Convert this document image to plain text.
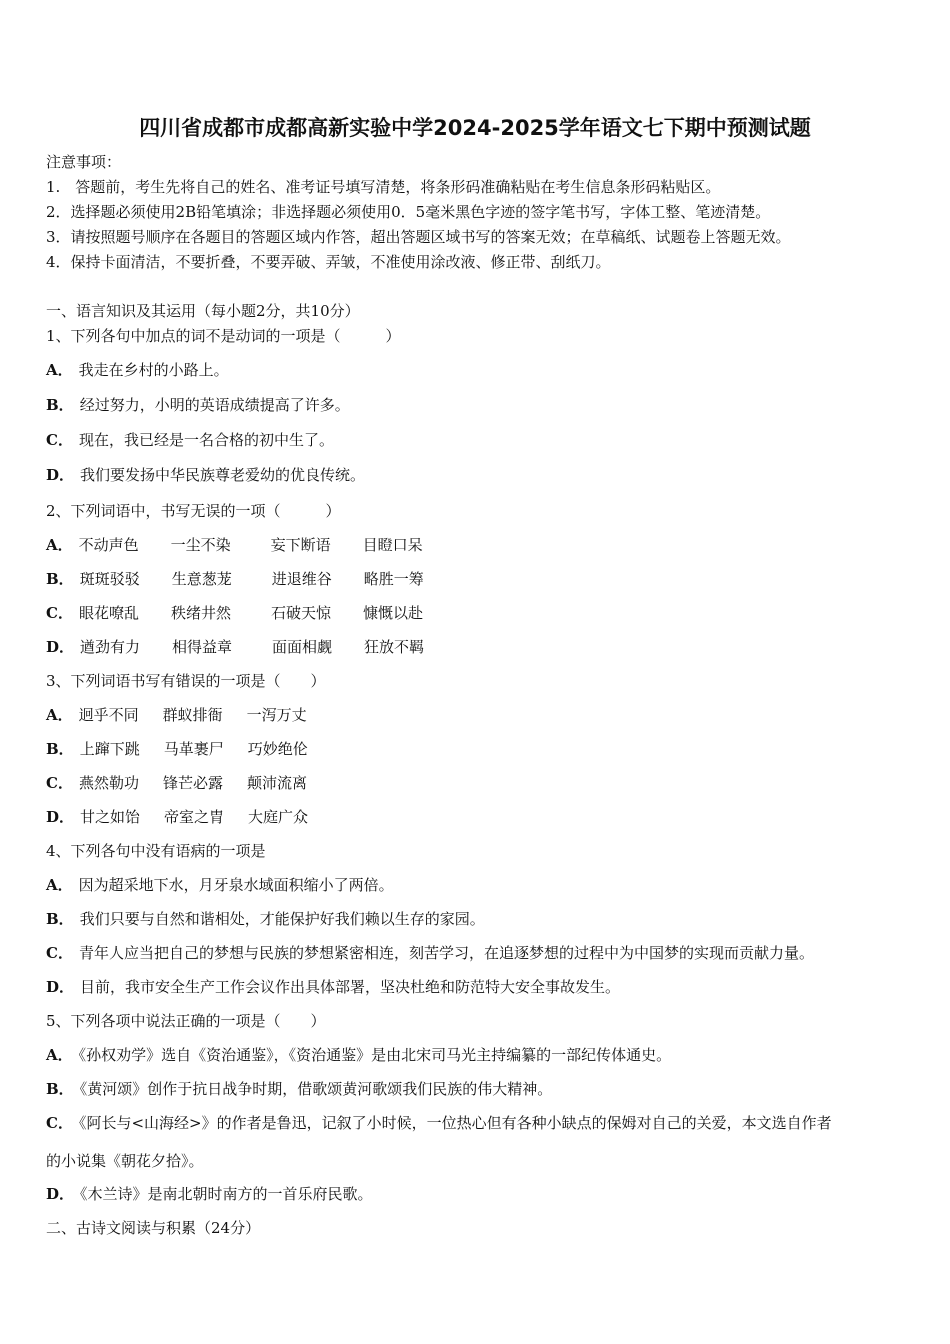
四川省成都市成都高新实验中学2024-2025学年语文七下期中预测试题
注意事项：
1.　答题前，考生先将自己的姓名、准考证号填写清楚，将条形码准确粘贴在考生信息条形码粘贴区。
2．选择题必须使用2B铅笔填涂；非选择题必须使用0．5毫米黑色字迹的签字笔书写，字体工整、笔迹清楚。
3．请按照题号顺序在各题目的答题区域内作答，超出答题区域书写的答案无效；在草稿纸、试题卷上答题无效。
4．保持卡面清洁，不要折叠，不要弄破、弄皱，不准使用涂改液、修正带、刮纸刀。
一、语言知识及其运用（每小题2分，共10分）
1、下列各句中加点的词不是动词的一项是（　　　）
A． 我走在乡村的小路上。
B． 经过努力，小明的英语成绩提高了许多。
C． 现在，我已经是一名合格的初中生了。
D． 我们要发扬中华民族尊老爱幼的优良传统。
2、下列词语中，书写无误的一项（　　　）
A． 不动声色 一尘不染	妄下断语 目瞪口呆
B． 斑斑驳驳 生意葱茏	进退维谷 略胜一筹
C． 眼花嘹乱 秩绪井然	石破天惊 慷慨以赴
D． 遒劲有力 相得益章	面面相觑 狂放不羁
3、下列词语书写有错误的一项是（　　）
A． 迥乎不同 群蚁排衙 一泻万丈
B． 上蹿下跳 马革裹尸 巧妙绝伦
C． 燕然勒功 锋芒必露 颠沛流离
D． 甘之如饴 帝室之胄 大庭广众
4、下列各句中没有语病的一项是
A． 因为超采地下水，月牙泉水域面积缩小了两倍。
B． 我们只要与自然和谐相处，才能保护好我们赖以生存的家园。
C． 青年人应当把自己的梦想与民族的梦想紧密相连，刻苦学习，在追逐梦想的过程中为中国梦的实现而贡献力量。
D． 目前，我市安全生产工作会议作出具体部署，坚决杜绝和防范特大安全事故发生。
5、下列各项中说法正确的一项是（　　）
A． 《孙权劝学》选自《资治通鉴》，《资治通鉴》是由北宋司马光主持编纂的一部纪传体通史。
B． 《黄河颂》创作于抗日战争时期，借歌颂黄河歌颂我们民族的伟大精神。
C． 《阿长与<山海经>》的作者是鲁迅，记叙了小时候，一位热心但有各种小缺点的保姆对自己的关爱，本文选自作者
的小说集《朝花夕拾》。
D． 《木兰诗》是南北朝时南方的一首乐府民歌。
二、古诗文阅读与积累（24分）
